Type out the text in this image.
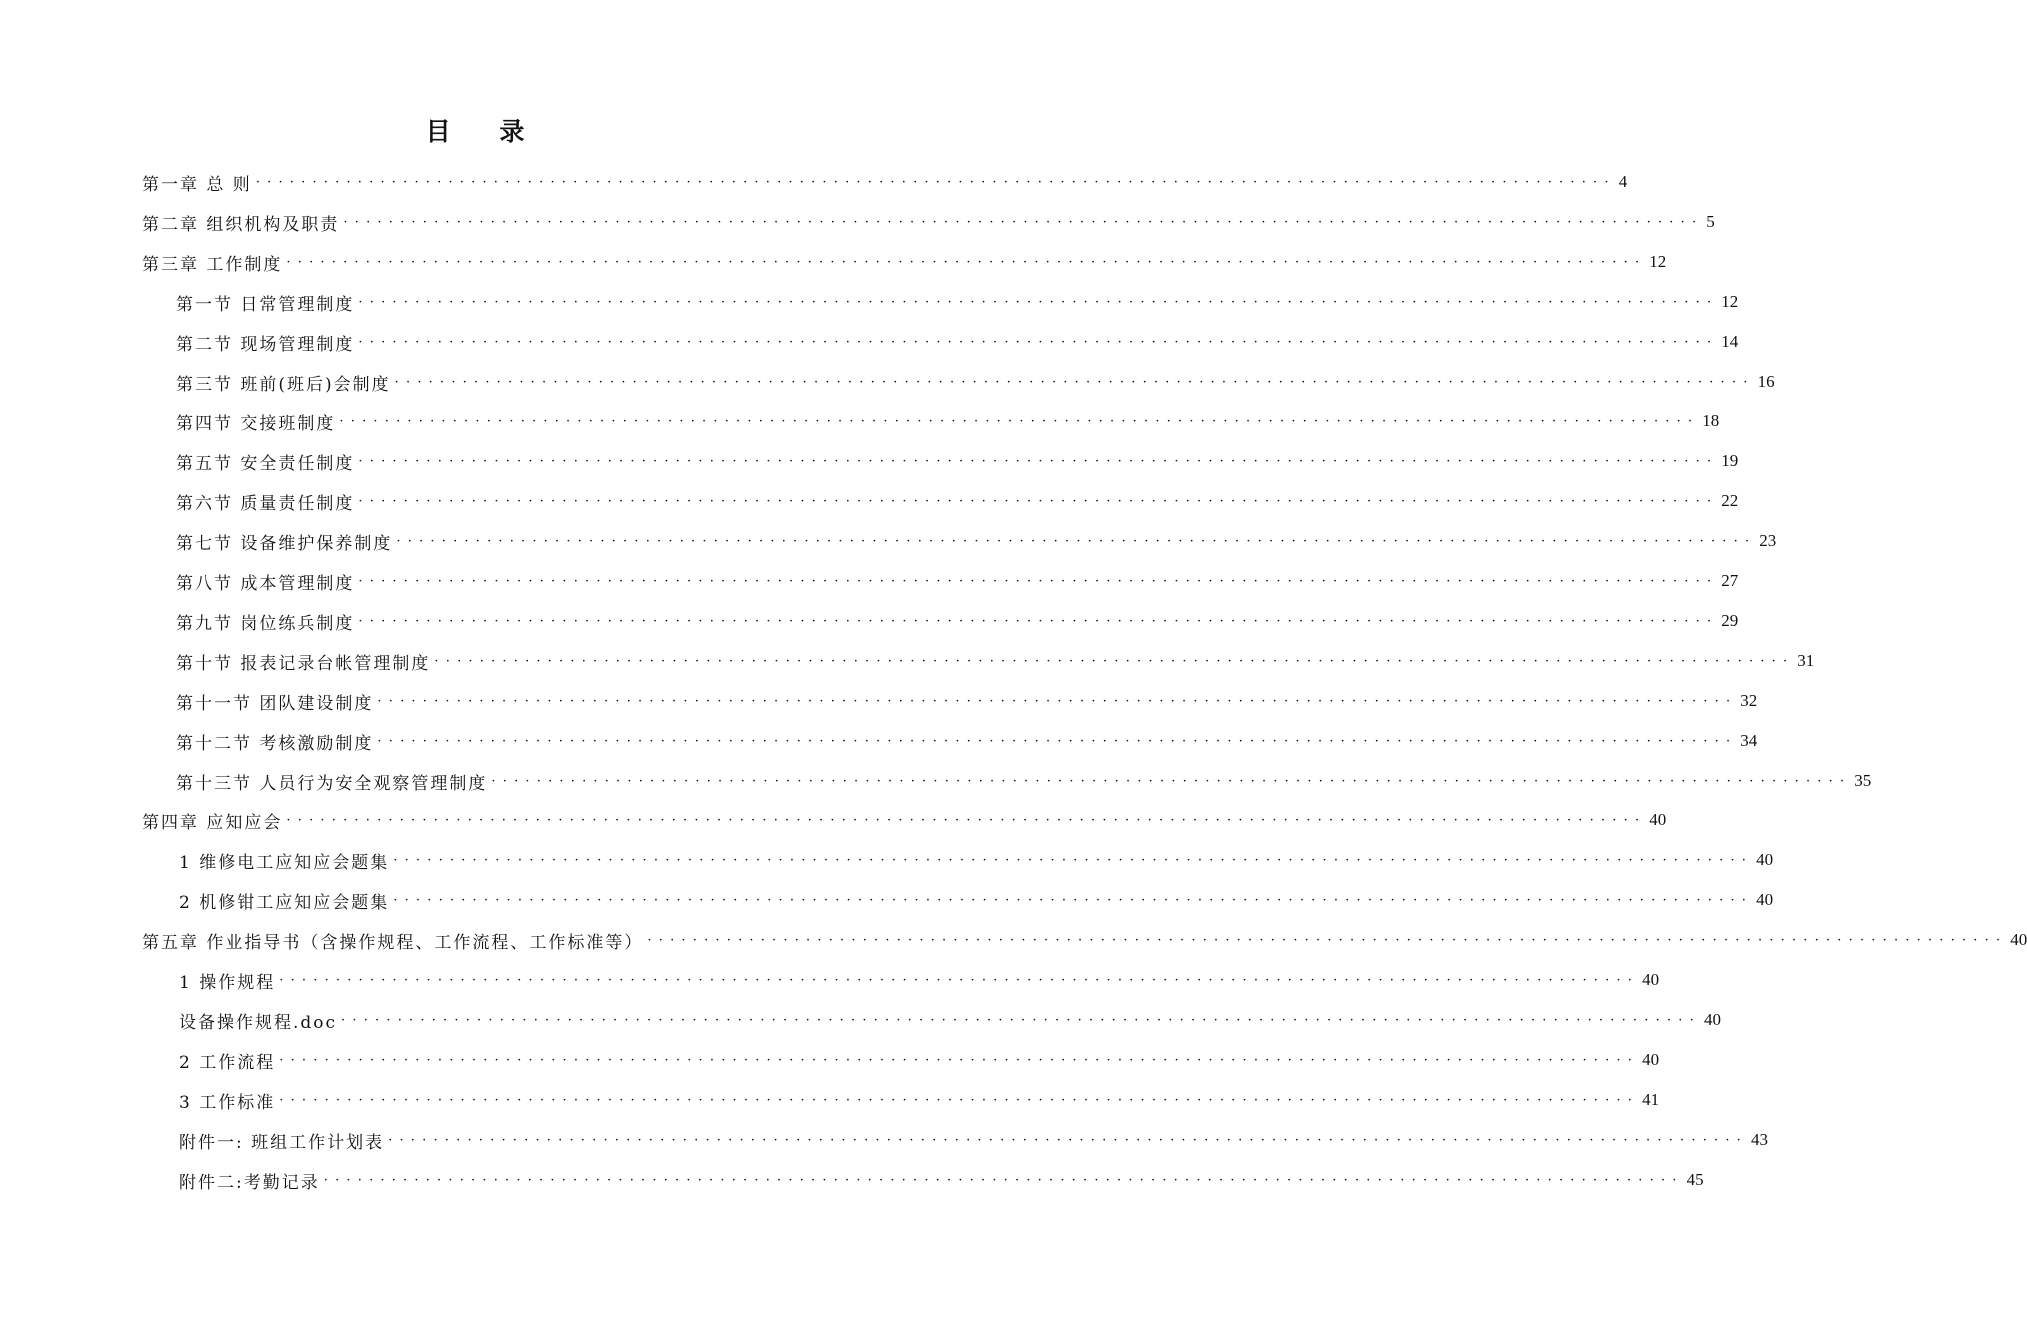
目 录
第一章 总 则 ························································································································ 4
第二章 组织机构及职责 ························································································································ 5
第三章 工作制度 ························································································································ 12
第一节 日常管理制度 ························································································································ 12
第二节 现场管理制度 ························································································································ 14
第三节 班前(班后)会制度 ························································································································ 16
第四节 交接班制度 ························································································································ 18
第五节 安全责任制度 ························································································································ 19
第六节 质量责任制度 ························································································································ 22
第七节 设备维护保养制度 ························································································································ 23
第八节 成本管理制度 ························································································································ 27
第九节 岗位练兵制度 ························································································································ 29
第十节 报表记录台帐管理制度 ························································································································ 31
第十一节 团队建设制度 ························································································································ 32
第十二节 考核激励制度 ························································································································ 34
第十三节 人员行为安全观察管理制度 ························································································································ 35
第四章 应知应会 ························································································································ 40
1 维修电工应知应会题集 ························································································································ 40
2 机修钳工应知应会题集 ························································································································ 40
第五章 作业指导书（含操作规程、工作流程、工作标准等） ························································································································ 40
1 操作规程 ························································································································ 40
设备操作规程.doc ························································································································ 40
2 工作流程 ························································································································ 40
3 工作标准 ························································································································ 41
附件一: 班组工作计划表 ························································································································ 43
附件二:考勤记录 ························································································································ 45
